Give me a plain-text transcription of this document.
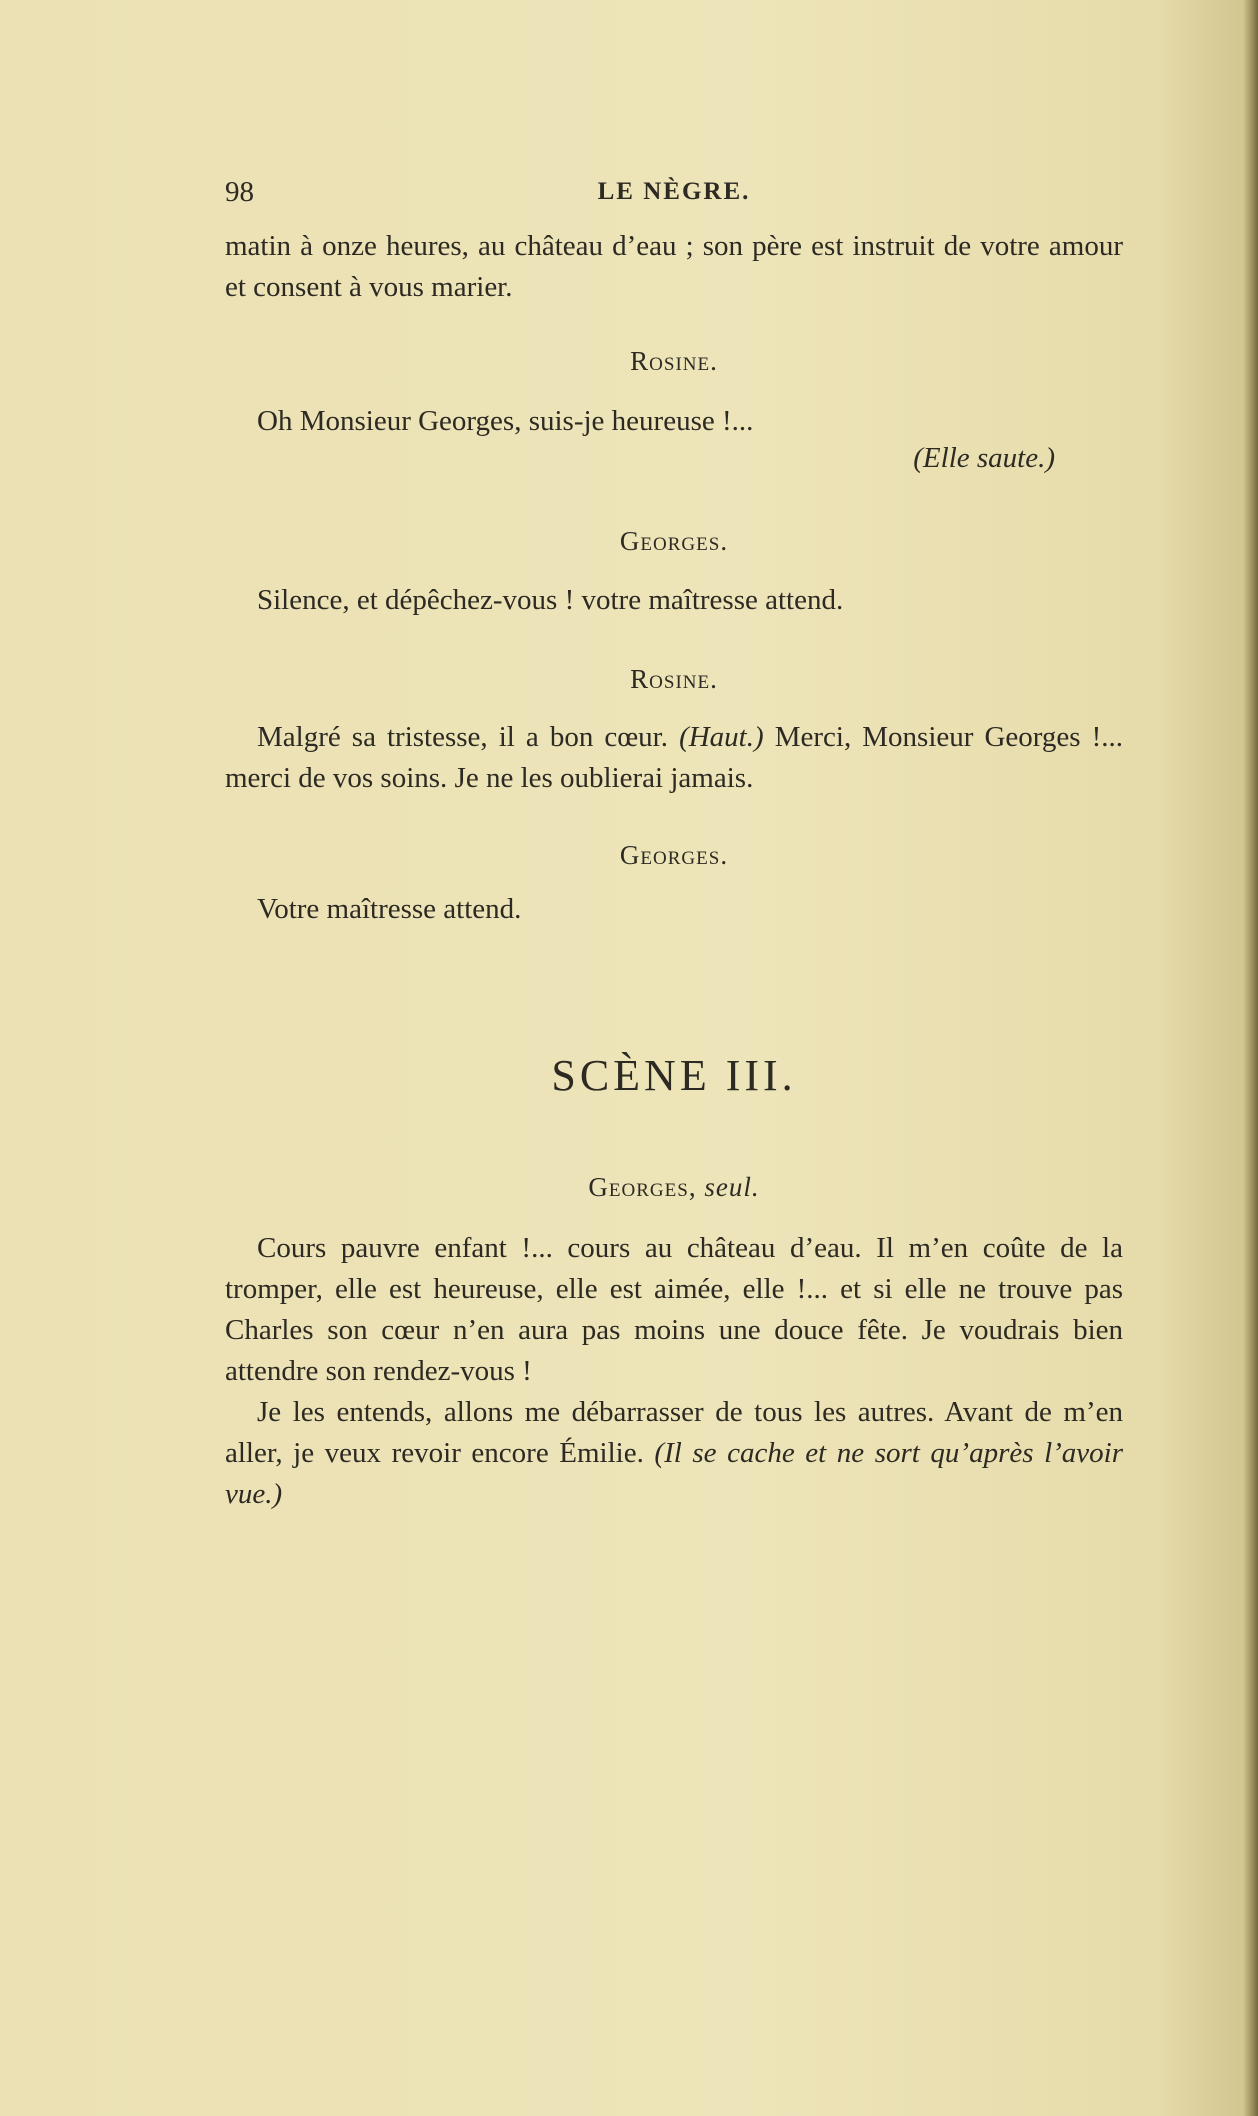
98	LE NÈGRE.

matin à onze heures, au château d’eau ; son père est instruit de votre amour et consent à vous marier.

Rosine.

Oh Monsieur Georges, suis-je heureuse !...

(Elle saute.)

Georges.

Silence, et dépêchez-vous ! votre maîtresse attend.

Rosine.

Malgré sa tristesse, il a bon cœur. (Haut.) Merci, Monsieur Georges !... merci de vos soins. Je ne les oublierai jamais.

Georges.

Votre maîtresse attend.

SCÈNE III.

Georges, seul.

Cours pauvre enfant !... cours au château d’eau. Il m’en coûte de la tromper, elle est heureuse, elle est aimée, elle !... et si elle ne trouve pas Charles son cœur n’en aura pas moins une douce fête. Je voudrais bien attendre son rendez-vous !

Je les entends, allons me débarrasser de tous les autres. Avant de m’en aller, je veux revoir encore Émilie. (Il se cache et ne sort qu’après l’avoir vue.)
